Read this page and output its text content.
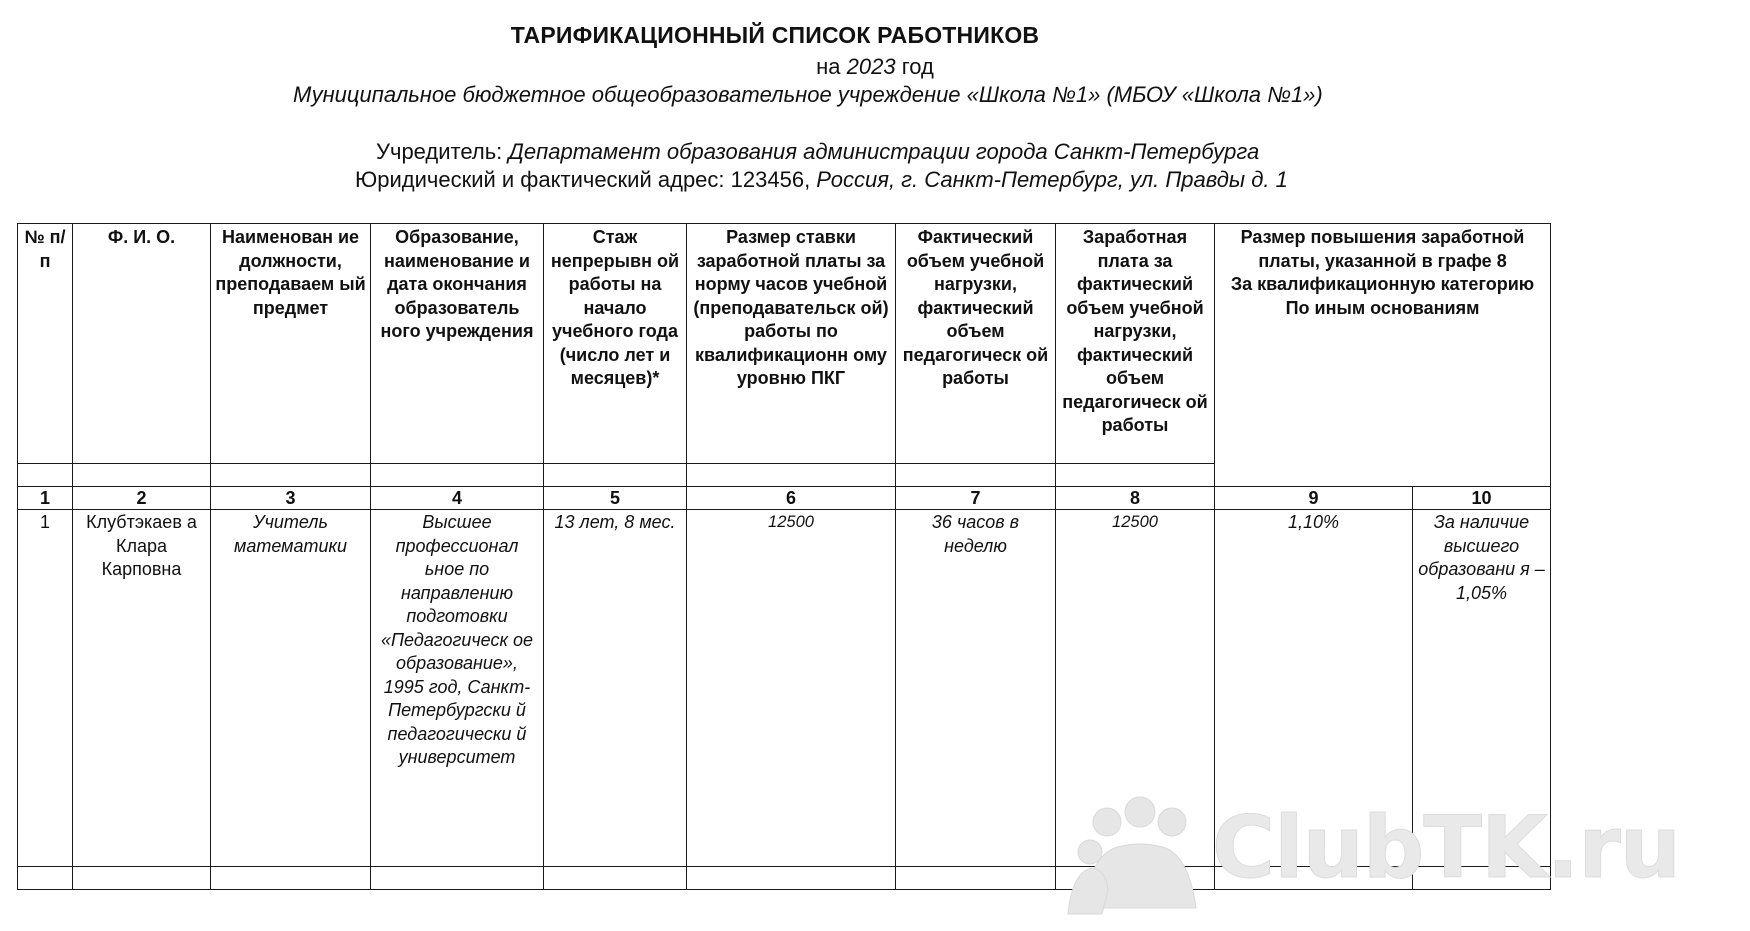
ТАРИФИКАЦИОННЫЙ СПИСОК РАБОТНИКОВ
на 2023 год
Муниципальное бюджетное общеобразовательное учреждение «Школа №1» (МБОУ «Школа №1»)
Учредитель: Департамент образования администрации города Санкт-Петербурга
Юридический и фактический адрес: 123456, Россия, г. Санкт-Петербург, ул. Правды д. 1
№ п/п	Ф. И. О.	Наименован ие должности, преподаваем ый предмет	Образование, наименование и дата окончания образователь ного учреждения	Стаж непрерывн ой работы на начало учебного года (число лет и месяцев)*	Размер ставки заработной платы за норму часов учебной (преподавательск ой) работы по квалификационн ому уровню ПКГ	Фактический объем учебной нагрузки, фактический объем педагогическ ой работы	Заработная плата за фактический объем учебной нагрузки, фактический объем педагогическ ой работы	Размер повышения заработной платы, указанной в графе 8
За квалификационную категорию
По иным основаниям	

1	2	3	4	5	6	7	8	9	10
1	Клубтэкаев а Клара Карповна	Учитель математики	Высшее профессионал ьное по направлению подготовки «Педагогическ ое образование», 1995 год, Санкт- Петербургски й педагогически й университет	13 лет, 8 мес.	12500	36 часов в неделю	12500	1,10%	За наличие высшего образовани я – 1,05%

ClubTK.ru
